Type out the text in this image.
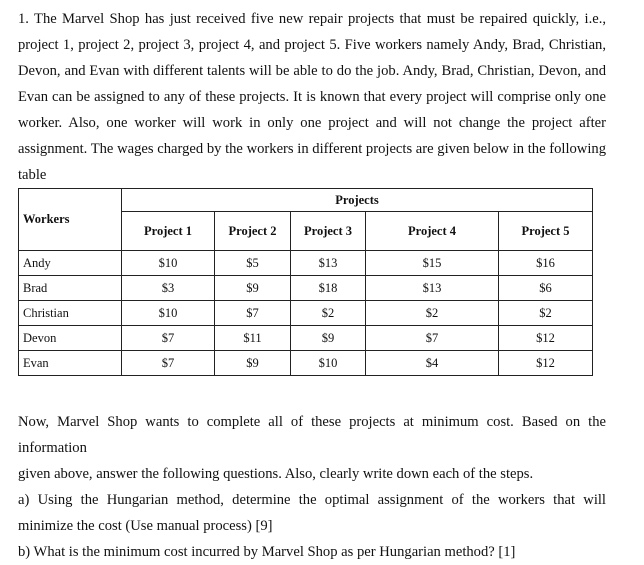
1. The Marvel Shop has just received five new repair projects that must be repaired quickly, i.e.,
project 1, project 2, project 3, project 4, and project 5. Five workers namely Andy, Brad, Christian,
Devon, and Evan with different talents will be able to do the job. Andy, Brad, Christian, Devon, and
Evan can be assigned to any of these projects. It is known that every project will comprise only one
worker. Also, one worker will work in only one project and will not change the project after
assignment. The wages charged by the workers in different projects are given below in the following
table
Workers	Projects				
	Project 1	Project 2	Project 3	Project 4	Project 5
Andy	$10	$5	$13	$15	$16
Brad	$3	$9	$18	$13	$6
Christian	$10	$7	$2	$2	$2
Devon	$7	$11	$9	$7	$12
Evan	$7	$9	$10	$4	$12
Now, Marvel Shop wants to complete all of these projects at minimum cost. Based on the information
given above, answer the following questions. Also, clearly write down each of the steps.
a) Using the Hungarian method, determine the optimal assignment of the workers that will
minimize the cost (Use manual process) [9]
b) What is the minimum cost incurred by Marvel Shop as per Hungarian method? [1]
